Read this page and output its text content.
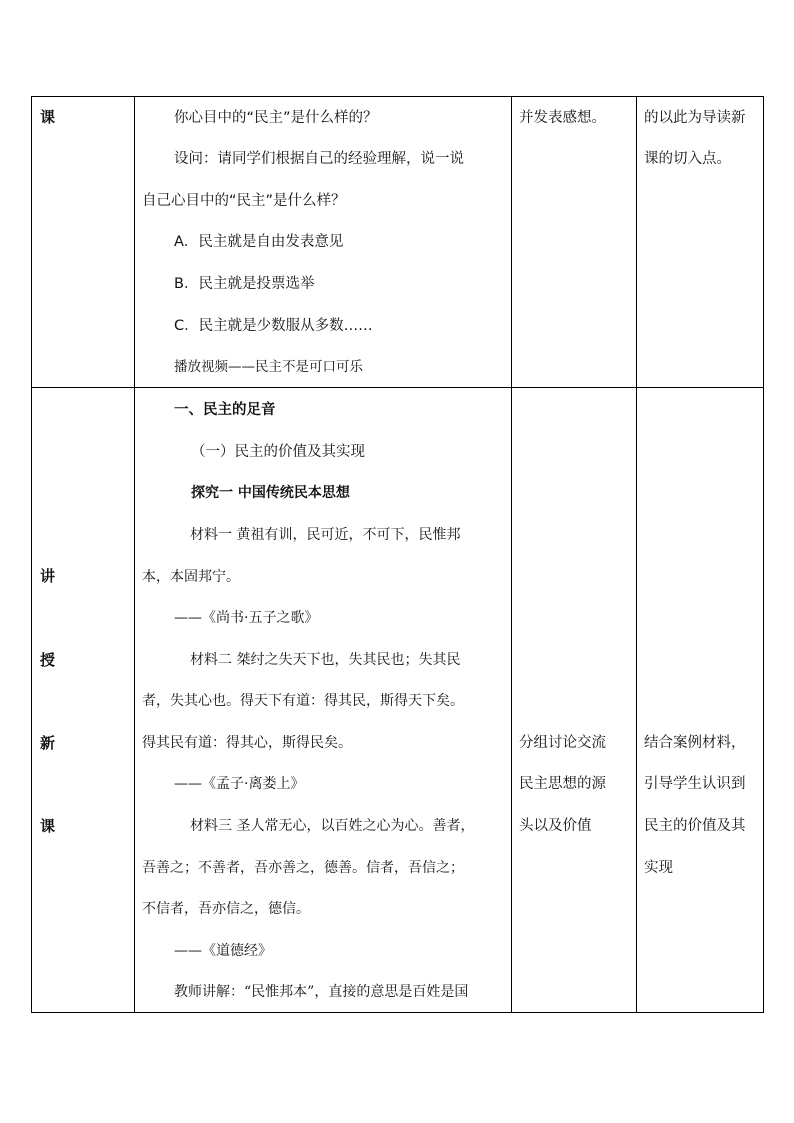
课	你心目中的“民主”是什么样的？
设问：请同学们根据自己的经验理解，说一说
自己心目中的“民主”是什么样？
A．民主就是自由发表意见
B．民主就是投票选举
C．民主就是少数服从多数……
播放视频——民主不是可口可乐
并发表感想。	的以此为导读新
课的切入点。
讲
授
新
课
一、民主的足音
（一）民主的价值及其实现
探究一 中国传统民本思想
材料一 黄祖有训，民可近，不可下，民惟邦
本，本固邦宁。
——《尚书·五子之歌》
材料二 桀纣之失天下也，失其民也；失其民
者，失其心也。得天下有道：得其民，斯得天下矣。
得其民有道：得其心，斯得民矣。
——《孟子·离娄上》
材料三 圣人常无心，以百姓之心为心。善者，
吾善之；不善者，吾亦善之，德善。信者，吾信之；
不信者，吾亦信之，德信。
——《道德经》
教师讲解：“民惟邦本”，直接的意思是百姓是国
分组讨论交流
民主思想的源
头以及价值
结合案例材料，
引导学生认识到
民主的价值及其
实现
